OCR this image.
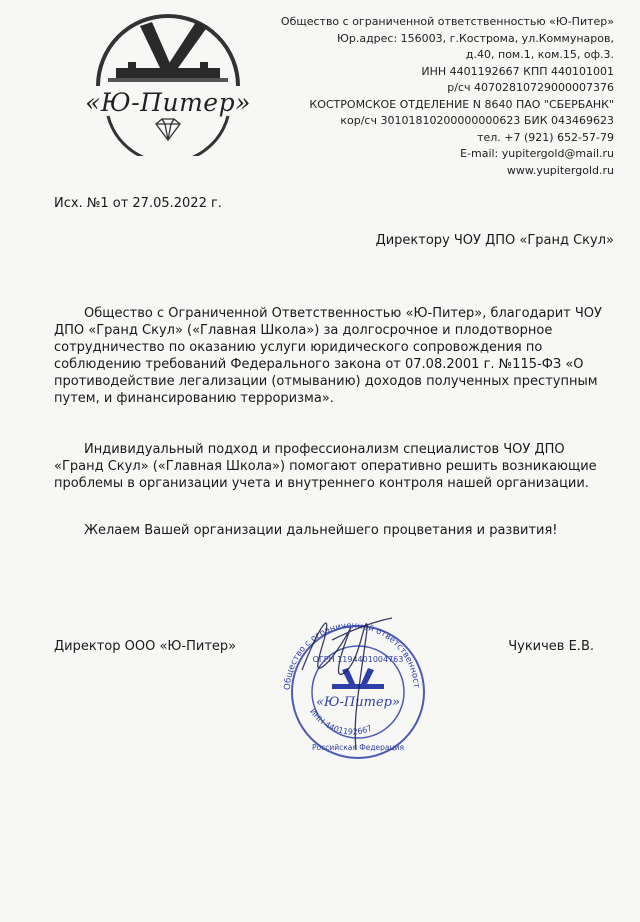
«Ю-Питер»
Общество с ограниченной ответственностью «Ю-Питер»
Юр.адрес: 156003, г.Кострома, ул.Коммунаров,
д.40, пом.1, ком.15, оф.3.
ИНН 4401192667 КПП 440101001
р/сч 40702810729000007376
КОСТРОМСКОЕ ОТДЕЛЕНИЕ N 8640 ПАО "СБЕРБАНК"
кор/сч 30101810200000000623 БИК 043469623
тел. +7 (921) 652-57-79
E-mail: yupitergold@mail.ru
www.yupitergold.ru
Исх. №1 от 27.05.2022 г.
Директору ЧОУ ДПО «Гранд Скул»
Общество с Ограниченной Ответственностью «Ю-Питер», благодарит ЧОУ ДПО «Гранд Скул» («Главная Школа») за долгосрочное и плодотворное сотрудничество по оказанию услуги юридического сопровождения по соблюдению требований Федерального закона от 07.08.2001 г. №115-ФЗ «О противодействие легализации (отмыванию) доходов полученных преступным путем, и финансированию терроризма».
Индивидуальный подход и профессионализм специалистов ЧОУ ДПО «Гранд Скул» («Главная Школа») помогают оперативно решить возникающие проблемы в организации учета и внутреннего контроля нашей организации.
Желаем Вашей организации дальнейшего процветания и развития!
Директор ООО «Ю-Питер»	Чукичев Е.В.
Общество с ограниченной ответственност
ИНН 4401192667
ОГРН 1194401004763
«Ю-Питер»
Российская Федерация
